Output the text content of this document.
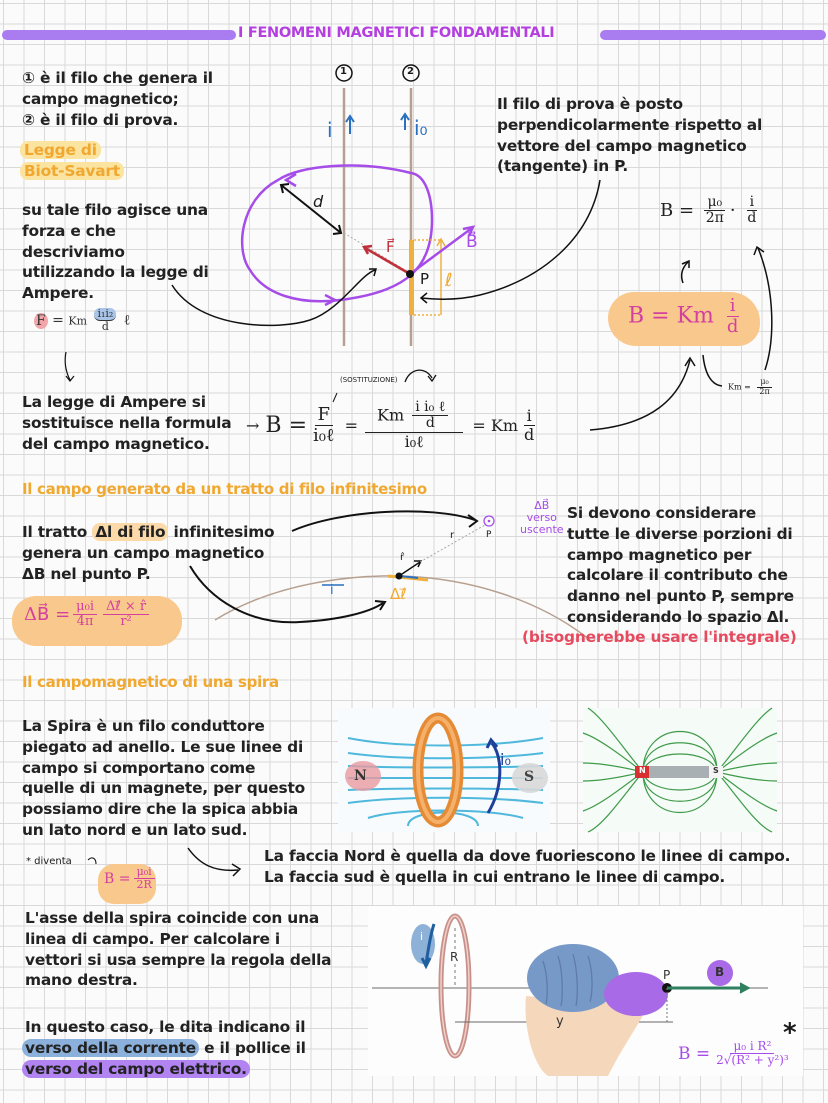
I FENOMENI MAGNETICI FONDAMENTALI
① è il filo che genera il
campo magnetico;
② è il filo di prova.
Legge di
Biot-Savart
su tale filo agisce una
forza e che
descriviamo
utilizzando la legge di
Ampere.
F = Km $\frac{\text{i₁i₂}}{d}$ ℓ
1	2
i	i₀
d
F⃗	B⃗
P ℓ
Il filo di prova è posto
perpendicolarmente rispetto al
vettore del campo magnetico
(tangente) in P.
$B = \frac{\text{μ₀}}{2\pi} \cdot \frac{i}{d}$
B = Km $\frac{i}{d}$
$Km = \frac{\text{μ₀}}{2\pi}$
La legge di Ampere si
sostituisce nella formula
del campo magnetico.
(SOSTITUZIONE)
→ $B = \frac{F}{\text{i₀ℓ}} = \frac{Km \frac{\text{i i₀ ℓ}}{d}}{\text{i₀ℓ}} = Km \frac{i}{d}$
Il campo generato da un tratto di filo infinitesimo
Il tratto Δl di filo infinitesimo
genera un campo magnetico
ΔB nel punto P.
ΔB⃗ = $\frac{\text{μ₀i}}{4\pi} \frac{\text{Δℓ⃗ × r̂}}{\text{r²}}$
i	Δℓ⃗
r̂
r	P
ΔB⃗
verso
uscente
Si devono considerare
tutte le diverse porzioni di
campo magnetico per
calcolare il contributo che
danno nel punto P, sempre
considerando lo spazio Δl.
(bisognerebbe usare l'integrale)
Il campomagnetico di una spira
La Spira è un filo conduttore
piegato ad anello. Le sue linee di
campo si comportano come
quelle di un magnete, per questo
possiamo dire che la spica abbia
un lato nord e un lato sud.
* diventa
$B = \frac{\text{μ₀i}}{2R}$
N	S
i₀
N	S
La faccia Nord è quella da dove fuoriescono le linee di campo.
La faccia sud è quella in cui entrano le linee di campo.
L'asse della spira coincide con una
linea di campo. Per calcolare i
vettori si usa sempre la regola della
mano destra.
In questo caso, le dita indicano il
verso della corrente e il pollice il
verso del campo elettrico.
i
R
y
P	B
*
$B = \frac{\text{μ₀ i R²}}{\text{2√(R² + y²)³}}$
